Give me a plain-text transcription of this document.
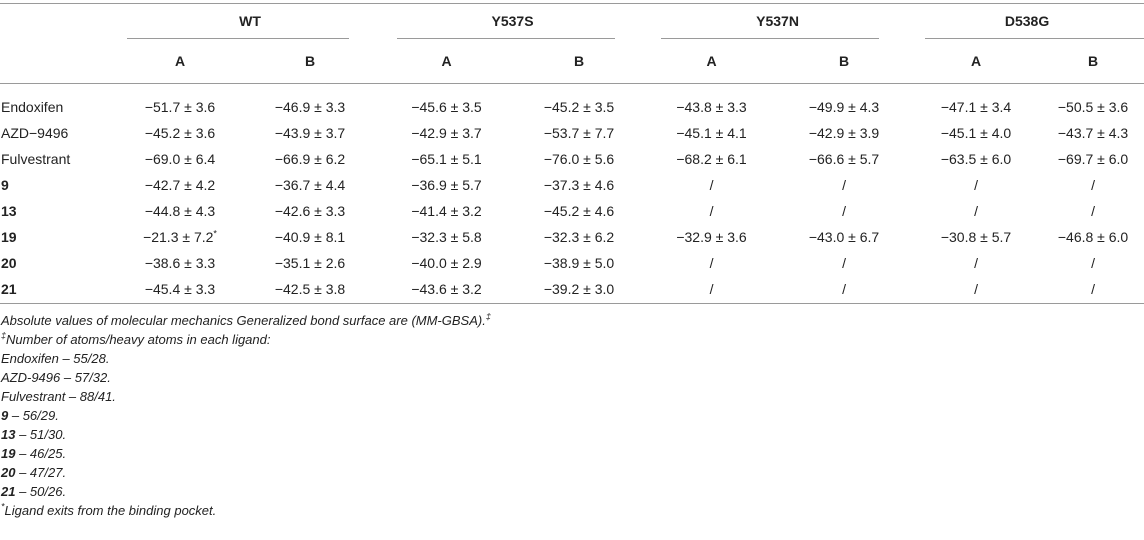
	WT		Y537S		Y537N		D538G	
	A	B	A	B	A	B	A	B

Endoxifen	−51.7 ± 3.6	−46.9 ± 3.3	−45.6 ± 3.5	−45.2 ± 3.5	−43.8 ± 3.3	−49.9 ± 4.3	−47.1 ± 3.4	−50.5 ± 3.6
AZD−9496	−45.2 ± 3.6	−43.9 ± 3.7	−42.9 ± 3.7	−53.7 ± 7.7	−45.1 ± 4.1	−42.9 ± 3.9	−45.1 ± 4.0	−43.7 ± 4.3
Fulvestrant	−69.0 ± 6.4	−66.9 ± 6.2	−65.1 ± 5.1	−76.0 ± 5.6	−68.2 ± 6.1	−66.6 ± 5.7	−63.5 ± 6.0	−69.7 ± 6.0
9	−42.7 ± 4.2	−36.7 ± 4.4	−36.9 ± 5.7	−37.3 ± 4.6	/	/	/	/
13	−44.8 ± 4.3	−42.6 ± 3.3	−41.4 ± 3.2	−45.2 ± 4.6	/	/	/	/
19	−21.3 ± 7.2*	−40.9 ± 8.1	−32.3 ± 5.8	−32.3 ± 6.2	−32.9 ± 3.6	−43.0 ± 6.7	−30.8 ± 5.7	−46.8 ± 6.0
20	−38.6 ± 3.3	−35.1 ± 2.6	−40.0 ± 2.9	−38.9 ± 5.0	/	/	/	/
21	−45.4 ± 3.3	−42.5 ± 3.8	−43.6 ± 3.2	−39.2 ± 3.0	/	/	/	/
Absolute values of molecular mechanics Generalized bond surface are (MM-GBSA).‡
‡Number of atoms/heavy atoms in each ligand:
Endoxifen – 55/28.
AZD-9496 – 57/32.
Fulvestrant – 88/41.
9 – 56/29.
13 – 51/30.
19 – 46/25.
20 – 47/27.
21 – 50/26.
*Ligand exits from the binding pocket.
